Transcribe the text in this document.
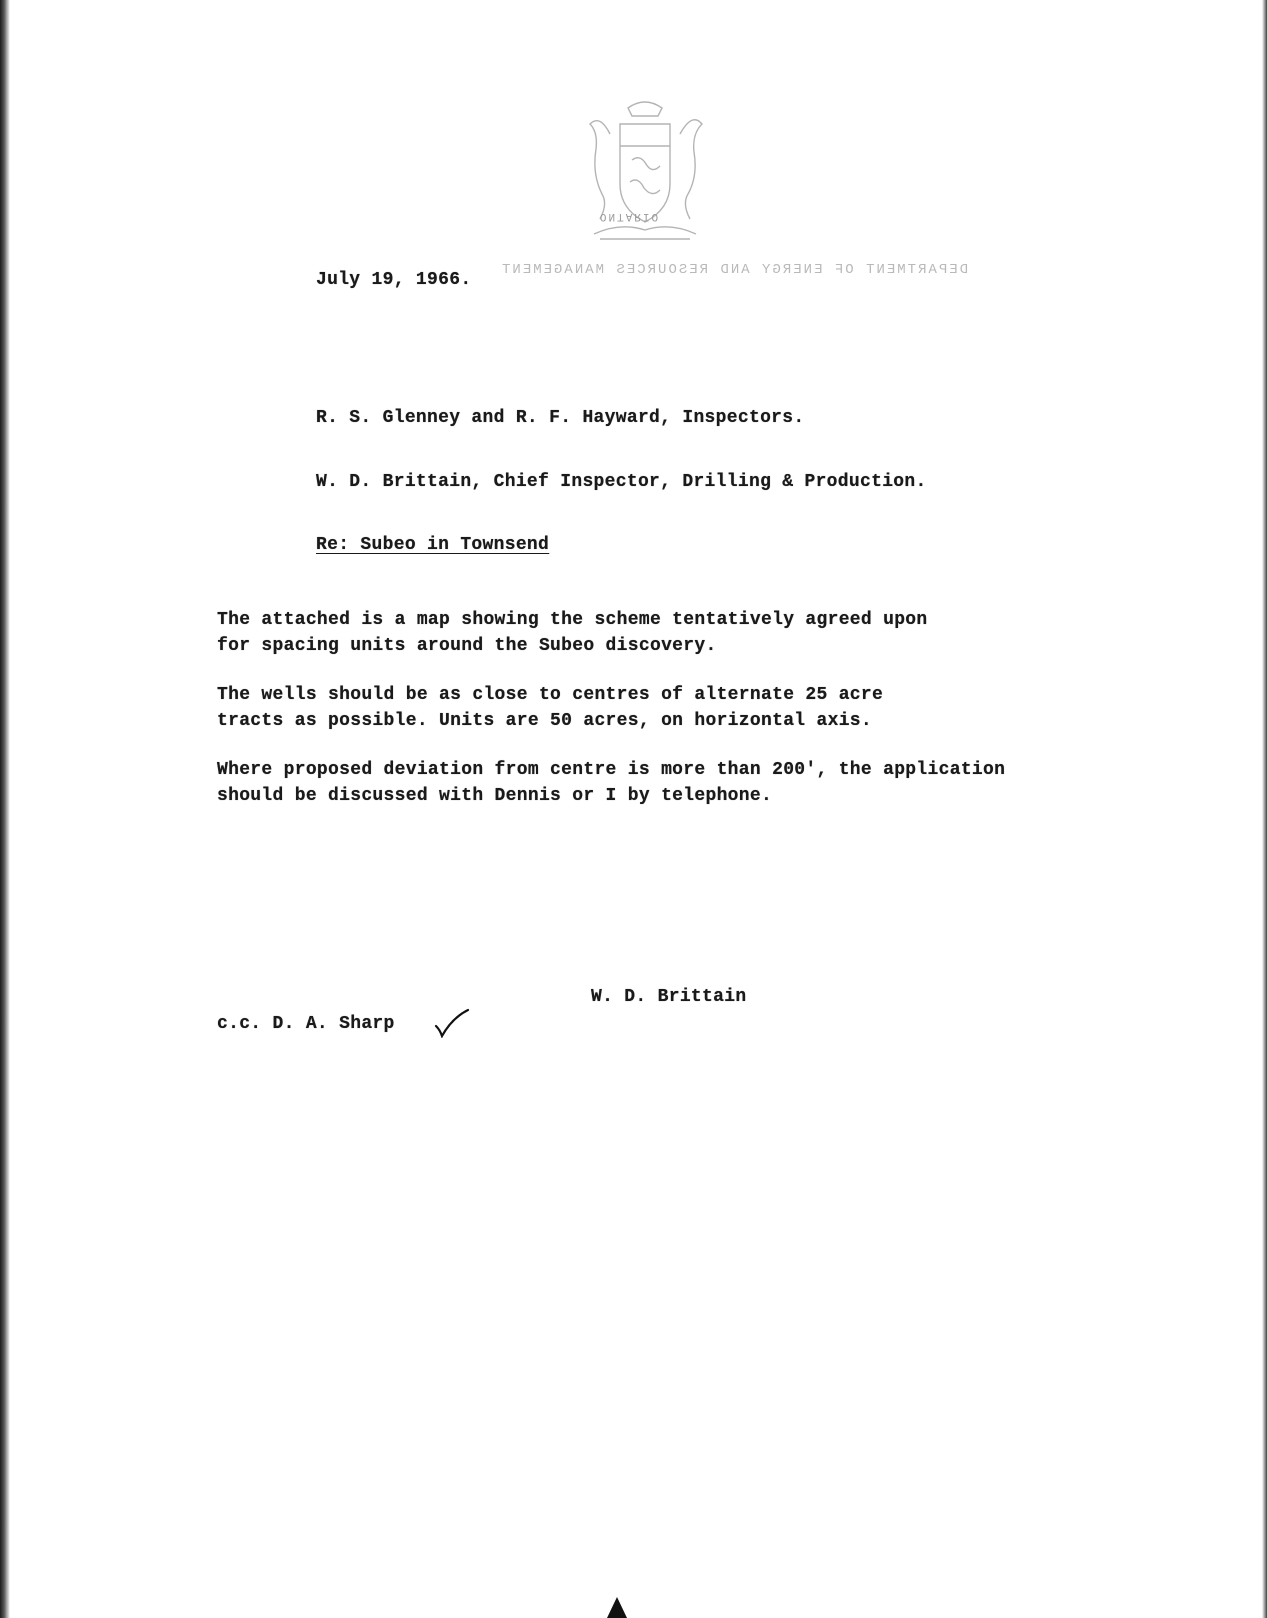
ONTARIO
DEPARTMENT OF ENERGY AND RESOURCES MANAGEMENT
July 19, 1966.
R. S. Glenney and R. F. Hayward, Inspectors.
W. D. Brittain, Chief Inspector, Drilling & Production.
Re: Subeo in Townsend
The attached is a map showing the scheme tentatively agreed upon
for spacing units around the Subeo discovery.
The wells should be as close to centres of alternate 25 acre
tracts as possible. Units are 50 acres, on horizontal axis.
Where proposed deviation from centre is more than 200', the application
should be discussed with Dennis or I by telephone.
W. D. Brittain
c.c. D. A. Sharp
